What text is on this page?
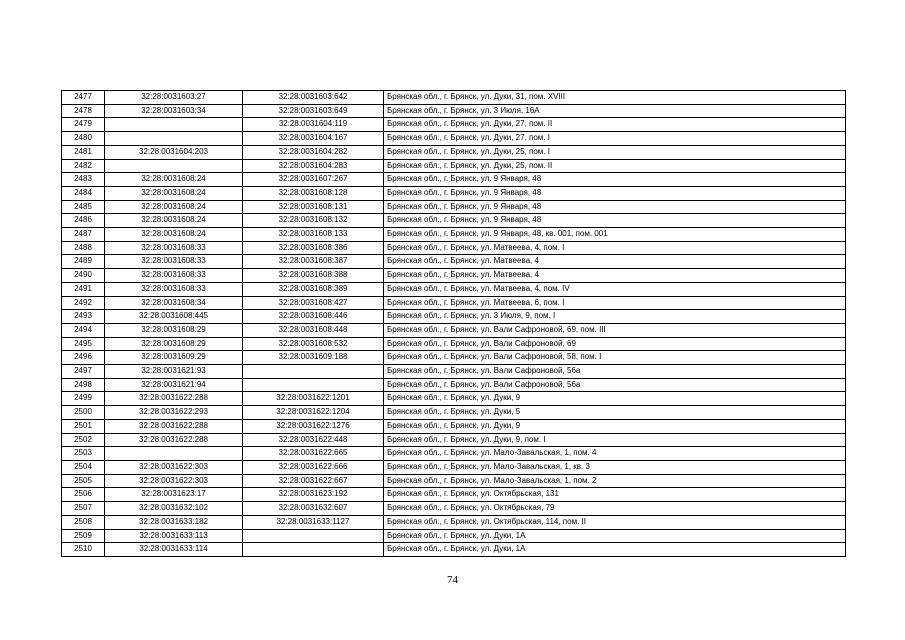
2477	32:28:0031603:27	32:28:0031603:642	Брянская обл., г. Брянск, ул. Дуки, 31, пом. XVIII
2478	32:28:0031603:34	32:28:0031603:649	Брянская обл., г. Брянск, ул. 3 Июля, 16А
2479		32:28:0031604:119	Брянская обл., г. Брянск, ул. Дуки, 27, пом. II
2480		32:28:0031604:167	Брянская обл., г. Брянск, ул. Дуки, 27, пом. I
2481	32:28:0031604:203	32:28:0031604:282	Брянская обл., г. Брянск, ул. Дуки, 25, пом. I
2482		32:28:0031604:283	Брянская обл., г. Брянск, ул. Дуки, 25, пом. II
2483	32:28:0031608:24	32:28:0031607:267	Брянская обл., г. Брянск, ул. 9 Января, 48
2484	32:28:0031608:24	32:28:0031608:128	Брянская обл., г. Брянск, ул. 9 Января, 48
2485	32:28:0031608:24	32:28:0031608:131	Брянская обл., г. Брянск, ул. 9 Января, 48
2486	32:28:0031608:24	32:28:0031608:132	Брянская обл., г. Брянск, ул. 9 Января, 48
2487	32:28:0031608:24	32:28:0031608:133	Брянская обл., г. Брянск, ул. 9 Января, 48, кв. 001, пом. 001
2488	32:28:0031608:33	32:28:0031608:386	Брянская обл., г. Брянск, ул. Матвеева, 4, пом. I
2489	32:28:0031608:33	32:28:0031608:387	Брянская обл., г. Брянск, ул. Матвеева, 4
2490	32:28:0031608:33	32:28:0031608:388	Брянская обл., г. Брянск, ул. Матвеева, 4
2491	32:28:0031608:33	32:28:0031608:389	Брянская обл., г. Брянск, ул. Матвеева, 4, пом. IV
2492	32:28:0031608:34	32:28:0031608:427	Брянская обл., г. Брянск, ул. Матвеева, 6, пом. I
2493	32:28:0031608:445	32:28:0031608:446	Брянская обл., г. Брянск, ул. 3 Июля, 9, пом. I
2494	32:28:0031608:29	32:28:0031608:448	Брянская обл., г. Брянск, ул. Вали Сафроновой, 69, пом. III
2495	32:28:0031608:29	32:28:0031608:532	Брянская обл., г. Брянск, ул. Вали Сафроновой, 69
2496	32:28:0031609:29	32:28:0031609:188	Брянская обл., г. Брянск, ул. Вали Сафроновой, 58, пом. I
2497	32:28:0031621:93		Брянская обл., г. Брянск, ул. Вали Сафроновой, 56а
2498	32:28:0031621:94		Брянская обл., г. Брянск, ул. Вали Сафроновой, 56а
2499	32:28:0031622:288	32:28:0031622:1201	Брянская обл., г. Брянск, ул. Дуки, 9
2500	32:28:0031622:293	32:28:0031622:1204	Брянская обл., г. Брянск, ул. Дуки, 5
2501	32:28:0031622:288	32:28:0031622:1276	Брянская обл., г. Брянск, ул. Дуки, 9
2502	32:28:0031622:288	32:28:0031622:448	Брянская обл., г. Брянск, ул. Дуки, 9, пом. I
2503		32:28:0031622:665	Брянская обл., г. Брянск, ул. Мало-Завальская, 1, пом. 4
2504	32:28:0031622:303	32:28:0031622:666	Брянская обл., г. Брянск, ул. Мало-Завальская, 1, кв. 3
2505	32:28:0031622:303	32:28:0031622:667	Брянская обл., г. Брянск, ул. Мало-Завальская, 1, пом. 2
2506	32:28:0031623:17	32:28:0031623:192	Брянская обл., г. Брянск, ул. Октябрьская, 131
2507	32:28:0031632:102	32:28:0031632:607	Брянская обл., г. Брянск, ул. Октябрьская, 79
2508	32:28:0031633:182	32:28:0031633:1127	Брянская обл., г. Брянск, ул. Октябрьская, 114, пом. II
2509	32:28:0031633:113		Брянская обл., г. Брянск, ул. Дуки, 1А
2510	32:28:0031633:114		Брянская обл., г. Брянск, ул. Дуки, 1А
74
